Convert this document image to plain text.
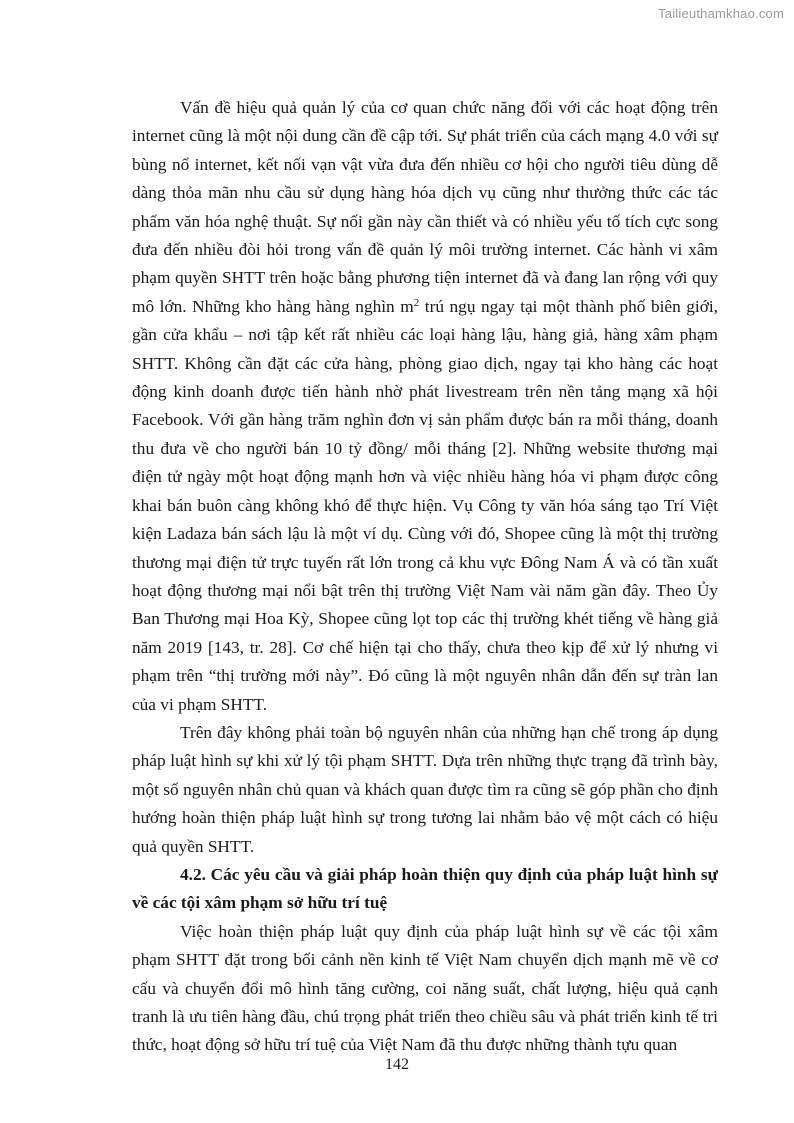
Tailieuthamkhao.com

Vấn đề hiệu quả quản lý của cơ quan chức năng đối với các hoạt động trên internet cũng là một nội dung cần đề cập tới. Sự phát triển của cách mạng 4.0 với sự bùng nổ internet, kết nối vạn vật vừa đưa đến nhiều cơ hội cho người tiêu dùng dễ dàng thỏa mãn nhu cầu sử dụng hàng hóa dịch vụ cũng như thưởng thức các tác phẩm văn hóa nghệ thuật. Sự nối gần này cần thiết và có nhiều yếu tố tích cực song đưa đến nhiều đòi hỏi trong vấn đề quản lý môi trường internet. Các hành vi xâm phạm quyền SHTT trên hoặc bằng phương tiện internet đã và đang lan rộng với quy mô lớn. Những kho hàng hàng nghìn $m^2$ trú ngụ ngay tại một thành phố biên giới, gần cửa khẩu – nơi tập kết rất nhiều các loại hàng lậu, hàng giả, hàng xâm phạm SHTT. Không cần đặt các cửa hàng, phòng giao dịch, ngay tại kho hàng các hoạt động kinh doanh được tiến hành nhờ phát livestream trên nền tảng mạng xã hội Facebook. Với gần hàng trăm nghìn đơn vị sản phẩm được bán ra mỗi tháng, doanh thu đưa về cho người bán 10 tỷ đồng/ mỗi tháng [2]. Những website thương mại điện tử ngày một hoạt động mạnh hơn và việc nhiều hàng hóa vi phạm được công khai bán buôn càng không khó để thực hiện. Vụ Công ty văn hóa sáng tạo Trí Việt kiện Ladaza bán sách lậu là một ví dụ. Cùng với đó, Shopee cũng là một thị trường thương mại điện tử trực tuyến rất lớn trong cả khu vực Đông Nam Á và có tần xuất hoạt động thương mại nổi bật trên thị trường Việt Nam vài năm gần đây. Theo Ủy Ban Thương mại Hoa Kỳ, Shopee cũng lọt top các thị trường khét tiếng về hàng giả năm 2019 [143, tr. 28]. Cơ chế hiện tại cho thấy, chưa theo kịp để xử lý nhưng vi phạm trên “thị trường mới này”. Đó cũng là một nguyên nhân dẫn đến sự tràn lan của vi phạm SHTT.

Trên đây không phải toàn bộ nguyên nhân của những hạn chế trong áp dụng pháp luật hình sự khi xử lý tội phạm SHTT. Dựa trên những thực trạng đã trình bày, một số nguyên nhân chủ quan và khách quan được tìm ra cũng sẽ góp phần cho định hướng hoàn thiện pháp luật hình sự trong tương lai nhằm bảo vệ một cách có hiệu quả quyền SHTT.

4.2. Các yêu cầu và giải pháp hoàn thiện quy định của pháp luật hình sự về các tội xâm phạm sở hữu trí tuệ

Việc hoàn thiện pháp luật quy định của pháp luật hình sự về các tội xâm phạm SHTT đặt trong bối cảnh nền kinh tế Việt Nam chuyển dịch mạnh mẽ về cơ cấu và chuyển đổi mô hình tăng cường, coi năng suất, chất lượng, hiệu quả cạnh tranh là ưu tiên hàng đầu, chú trọng phát triển theo chiều sâu và phát triển kinh tế tri thức, hoạt động sở hữu trí tuệ của Việt Nam đã thu được những thành tựu quan

142
